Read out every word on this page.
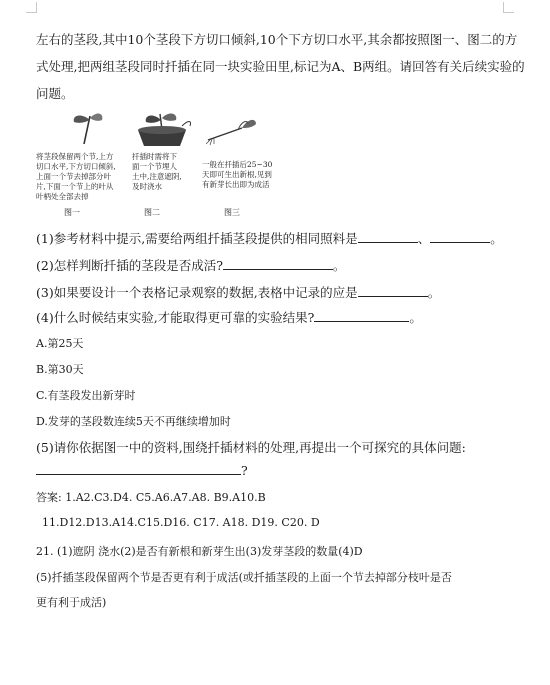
左右的茎段,其中10个茎段下方切口倾斜,10个下方切口水平,其余都按照图一、图二的方
式处理,把两组茎段同时扦插在同一块实验田里,标记为A、B两组。请回答有关后续实验的
问题。
将茎段保留两个节,上方
切口水平,下方切口倾斜,
上面一个节去掉部分叶
片,下面一个节上的叶从
叶柄处全部去掉
图一
扦插时需将下
面一个节埋人
土中,注意遮阴,
及时浇水
图二
一般在扦插后25~30
天即可生出新根,见到
有新芽长出即为成活
图三
(1)参考材料中提示,需要给两组扦插茎段提供的相同照料是	、	。
(2)怎样判断扦插的茎段是否成活?	。
(3)如果要设计一个表格记录观察的数据,表格中记录的应是	。
(4)什么时候结束实验,才能取得更可靠的实验结果?	。
A.第25天
B.第30天
C.有茎段发出新芽时
D.发芽的茎段数连续5天不再继续增加时
(5)请你依据图一中的资料,围绕扦插材料的处理,再提出一个可探究的具体问题:
?
答案: 1.A2.C3.D4. C5.A6.A7.A8. B9.A10.B
11.D12.D13.A14.C15.D16. C17. A18. D19. C20. D
21. (1)遮阴 浇水(2)是否有新根和新芽生出(3)发芽茎段的数量(4)D
(5)扦插茎段保留两个节是否更有利于成活(或扦插茎段的上面一个节去掉部分枝叶是否
更有利于成活)
